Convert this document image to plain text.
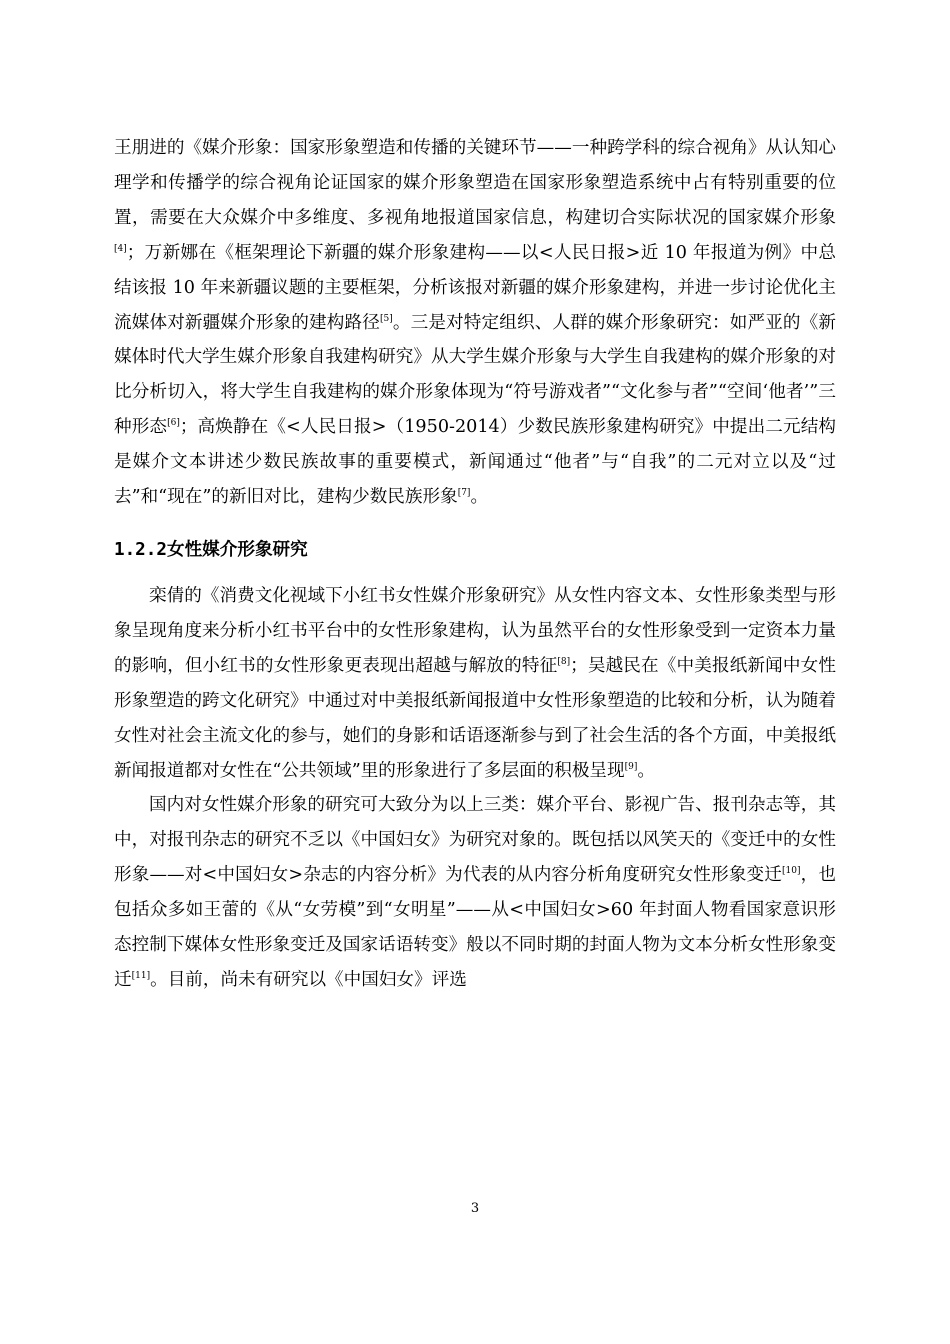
王朋进的《媒介形象：国家形象塑造和传播的关键环节——一种跨学科的综合视角》从认知心理学和传播学的综合视角论证国家的媒介形象塑造在国家形象塑造系统中占有特别重要的位置，需要在大众媒介中多维度、多视角地报道国家信息，构建切合实际状况的国家媒介形象[4]；万新娜在《框架理论下新疆的媒介形象建构——以<人民日报>近 10 年报道为例》中总结该报 10 年来新疆议题的主要框架，分析该报对新疆的媒介形象建构，并进一步讨论优化主流媒体对新疆媒介形象的建构路径[5]。三是对特定组织、人群的媒介形象研究：如严亚的《新媒体时代大学生媒介形象自我建构研究》从大学生媒介形象与大学生自我建构的媒介形象的对比分析切入，将大学生自我建构的媒介形象体现为“符号游戏者”“文化参与者”“空间‘他者’”三种形态[6]；高焕静在《<人民日报>（1950-2014）少数民族形象建构研究》中提出二元结构是媒介文本讲述少数民族故事的重要模式，新闻通过“他者”与“自我”的二元对立以及“过去”和“现在”的新旧对比，建构少数民族形象[7]。

1.2.2女性媒介形象研究

栾倩的《消费文化视域下小红书女性媒介形象研究》从女性内容文本、女性形象类型与形象呈现角度来分析小红书平台中的女性形象建构，认为虽然平台的女性形象受到一定资本力量的影响，但小红书的女性形象更表现出超越与解放的特征[8]；吴越民在《中美报纸新闻中女性形象塑造的跨文化研究》中通过对中美报纸新闻报道中女性形象塑造的比较和分析，认为随着女性对社会主流文化的参与，她们的身影和话语逐渐参与到了社会生活的各个方面，中美报纸新闻报道都对女性在“公共领域”里的形象进行了多层面的积极呈现[9]。

国内对女性媒介形象的研究可大致分为以上三类：媒介平台、影视广告、报刊杂志等，其中，对报刊杂志的研究不乏以《中国妇女》为研究对象的。既包括以风笑天的《变迁中的女性形象——对<中国妇女>杂志的内容分析》为代表的从内容分析角度研究女性形象变迁[10]，也包括众多如王蕾的《从“女劳模”到“女明星”——从<中国妇女>60 年封面人物看国家意识形态控制下媒体女性形象变迁及国家话语转变》般以不同时期的封面人物为文本分析女性形象变迁[11]。目前，尚未有研究以《中国妇女》评选

3
